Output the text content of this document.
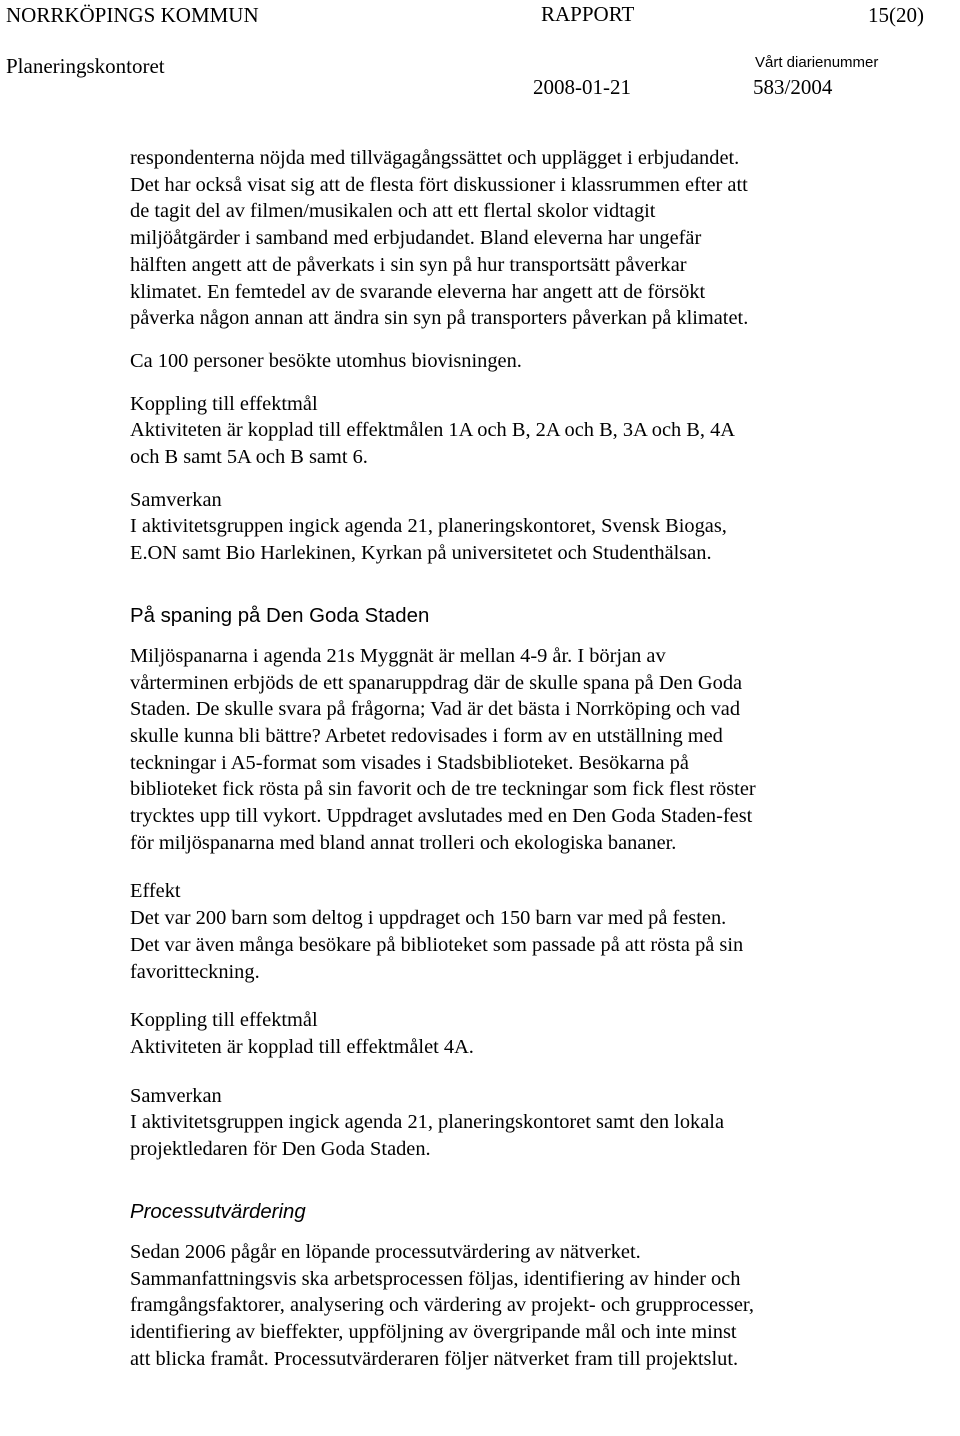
NORRKÖPINGS KOMMUN	RAPPORT	15(20)
Planeringskontoret	Vårt diarienummer
2008-01-21	583/2004
respondenterna nöjda med tillvägagångssättet och upplägget i erbjudandet.
Det har också visat sig att de flesta fört diskussioner i klassrummen efter att
de tagit del av filmen/musikalen och att ett flertal skolor vidtagit
miljöåtgärder i samband med erbjudandet. Bland eleverna har ungefär
hälften angett att de påverkats i sin syn på hur transportsätt påverkar
klimatet. En femtedel av de svarande eleverna har angett att de försökt
påverka någon annan att ändra sin syn på transporters påverkan på klimatet.
Ca 100 personer besökte utomhus biovisningen.
Koppling till effektmål
Aktiviteten är kopplad till effektmålen 1A och B, 2A och B, 3A och B, 4A
och B samt 5A och B samt 6.
Samverkan
I aktivitetsgruppen ingick agenda 21, planeringskontoret, Svensk Biogas,
E.ON samt Bio Harlekinen, Kyrkan på universitetet och Studenthälsan.
På spaning på Den Goda Staden
Miljöspanarna i agenda 21s Myggnät är mellan 4-9 år. I början av
vårterminen erbjöds de ett spanaruppdrag där de skulle spana på Den Goda
Staden. De skulle svara på frågorna; Vad är det bästa i Norrköping och vad
skulle kunna bli bättre? Arbetet redovisades i form av en utställning med
teckningar i A5-format som visades i Stadsbiblioteket. Besökarna på
biblioteket fick rösta på sin favorit och de tre teckningar som fick flest röster
trycktes upp till vykort. Uppdraget avslutades med en Den Goda Staden-fest
för miljöspanarna med bland annat trolleri och ekologiska bananer.
Effekt
Det var 200 barn som deltog i uppdraget och 150 barn var med på festen.
Det var även många besökare på biblioteket som passade på att rösta på sin
favoritteckning.
Koppling till effektmål
Aktiviteten är kopplad till effektmålet 4A.
Samverkan
I aktivitetsgruppen ingick agenda 21, planeringskontoret samt den lokala
projektledaren för Den Goda Staden.
Processutvärdering
Sedan 2006 pågår en löpande processutvärdering av nätverket.
Sammanfattningsvis ska arbetsprocessen följas, identifiering av hinder och
framgångsfaktorer, analysering och värdering av projekt- och grupprocesser,
identifiering av bieffekter, uppföljning av övergripande mål och inte minst
att blicka framåt. Processutvärderaren följer nätverket fram till projektslut.
